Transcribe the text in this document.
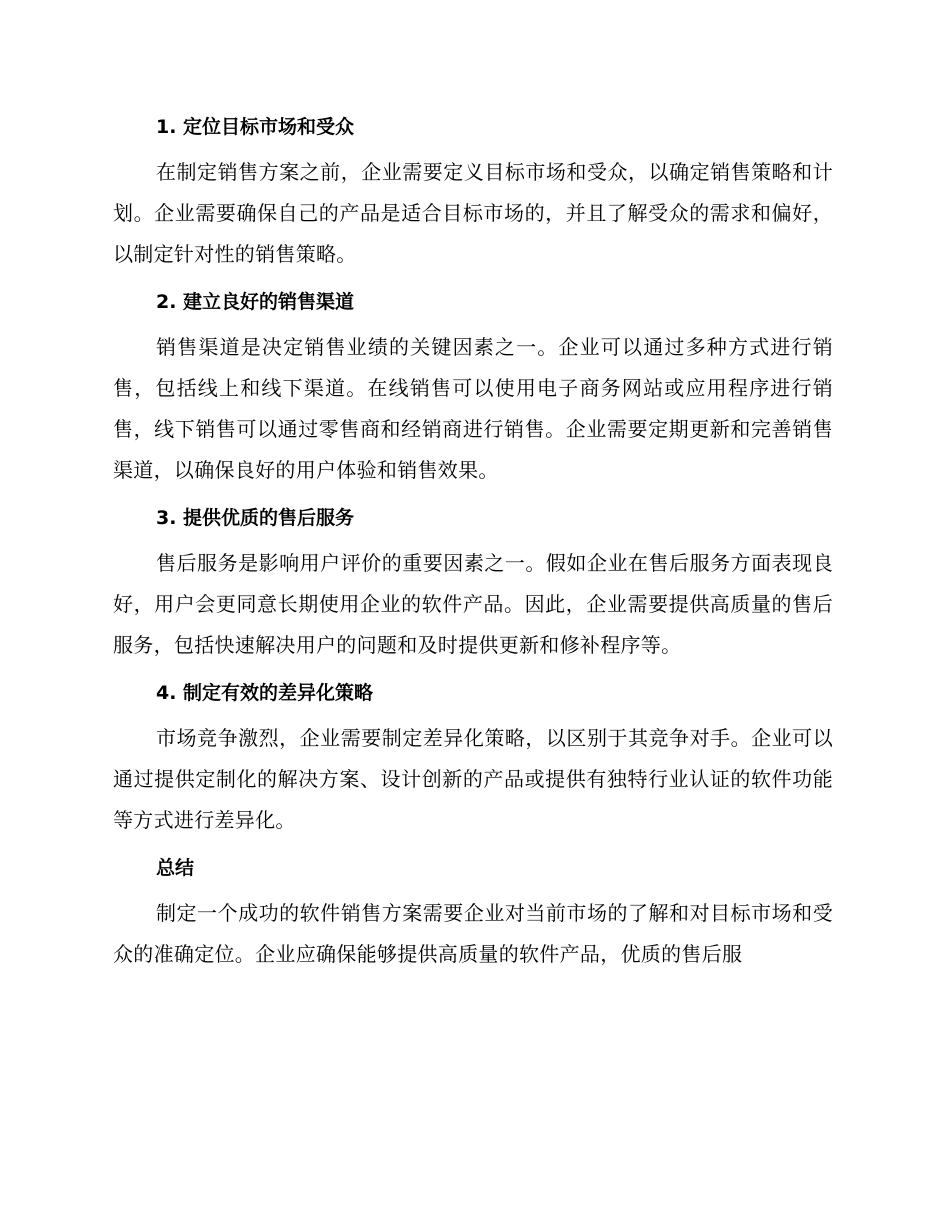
1. 定位目标市场和受众

在制定销售方案之前，企业需要定义目标市场和受众，以确定销售策略和计划。企业需要确保自己的产品是适合目标市场的，并且了解受众的需求和偏好，以制定针对性的销售策略。

2. 建立良好的销售渠道

销售渠道是决定销售业绩的关键因素之一。企业可以通过多种方式进行销售，包括线上和线下渠道。在线销售可以使用电子商务网站或应用程序进行销售，线下销售可以通过零售商和经销商进行销售。企业需要定期更新和完善销售渠道，以确保良好的用户体验和销售效果。

3. 提供优质的售后服务

售后服务是影响用户评价的重要因素之一。假如企业在售后服务方面表现良好，用户会更同意长期使用企业的软件产品。因此，企业需要提供高质量的售后服务，包括快速解决用户的问题和及时提供更新和修补程序等。

4. 制定有效的差异化策略

市场竞争激烈，企业需要制定差异化策略，以区别于其竞争对手。企业可以通过提供定制化的解决方案、设计创新的产品或提供有独特行业认证的软件功能等方式进行差异化。

总结

制定一个成功的软件销售方案需要企业对当前市场的了解和对目标市场和受众的准确定位。企业应确保能够提供高质量的软件产品，优质的售后服
